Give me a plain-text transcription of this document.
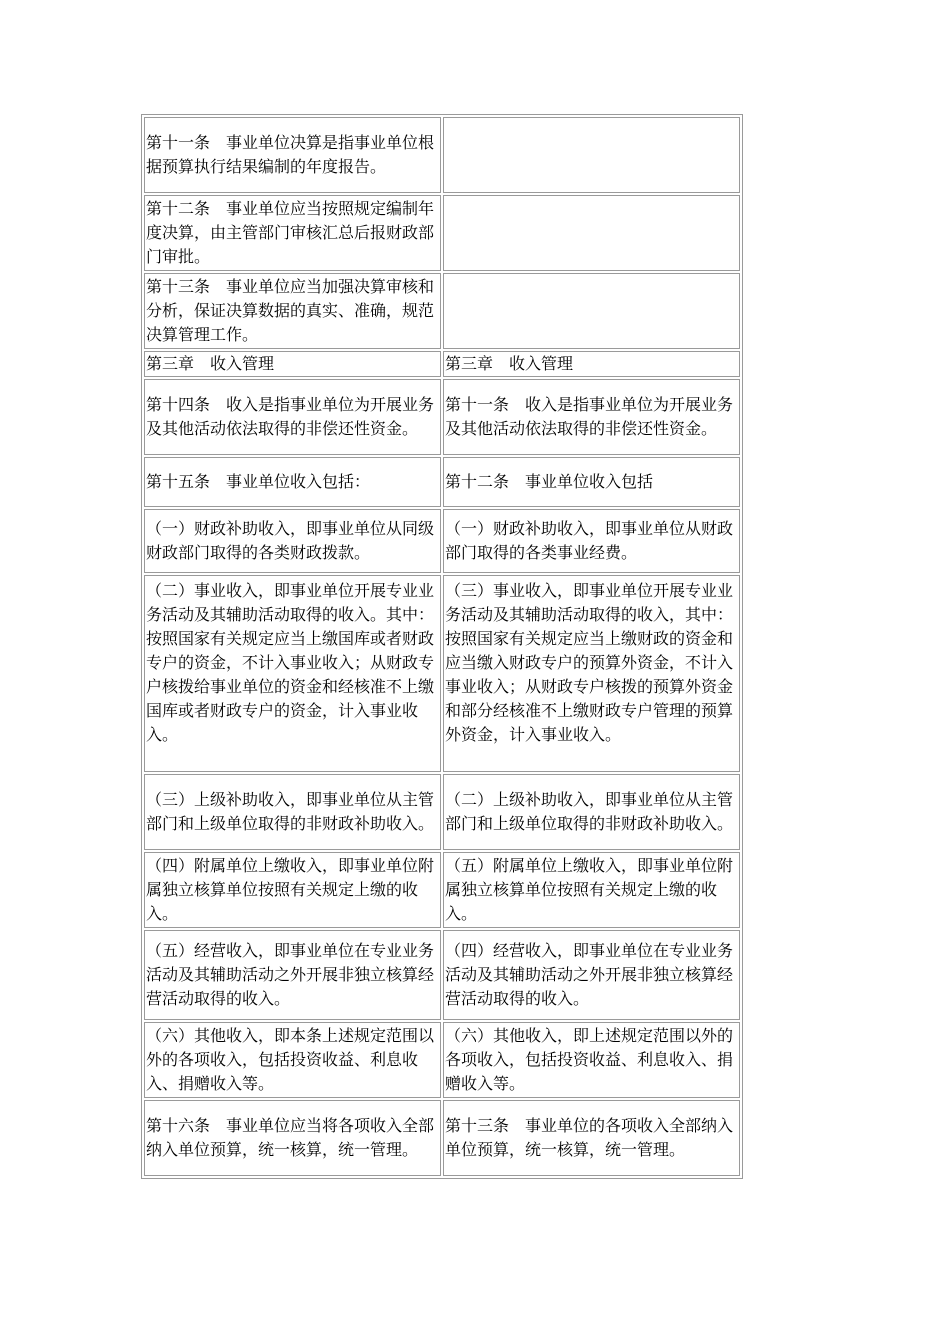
第十一条　事业单位决算是指事业单位根据预算执行结果编制的年度报告。	
第十二条　事业单位应当按照规定编制年度决算，由主管部门审核汇总后报财政部门审批。	
第十三条　事业单位应当加强决算审核和分析，保证决算数据的真实、准确，规范决算管理工作。	
第三章　收入管理	第三章　收入管理
第十四条　收入是指事业单位为开展业务及其他活动依法取得的非偿还性资金。	第十一条　收入是指事业单位为开展业务及其他活动依法取得的非偿还性资金。
第十五条　事业单位收入包括：	第十二条　事业单位收入包括
（一）财政补助收入，即事业单位从同级财政部门取得的各类财政拨款。	（一）财政补助收入，即事业单位从财政部门取得的各类事业经费。
（二）事业收入，即事业单位开展专业业务活动及其辅助活动取得的收入。其中：按照国家有关规定应当上缴国库或者财政专户的资金，不计入事业收入；从财政专户核拨给事业单位的资金和经核准不上缴国库或者财政专户的资金，计入事业收入。	（三）事业收入，即事业单位开展专业业务活动及其辅助活动取得的收入，其中：按照国家有关规定应当上缴财政的资金和应当缴入财政专户的预算外资金，不计入事业收入；从财政专户核拨的预算外资金和部分经核准不上缴财政专户管理的预算外资金，计入事业收入。
（三）上级补助收入，即事业单位从主管部门和上级单位取得的非财政补助收入。	（二）上级补助收入，即事业单位从主管部门和上级单位取得的非财政补助收入。
（四）附属单位上缴收入，即事业单位附属独立核算单位按照有关规定上缴的收入。	（五）附属单位上缴收入，即事业单位附属独立核算单位按照有关规定上缴的收入。
（五）经营收入，即事业单位在专业业务活动及其辅助活动之外开展非独立核算经营活动取得的收入。	（四）经营收入，即事业单位在专业业务活动及其辅助活动之外开展非独立核算经营活动取得的收入。
（六）其他收入，即本条上述规定范围以外的各项收入，包括投资收益、利息收入、捐赠收入等。	（六）其他收入，即上述规定范围以外的各项收入，包括投资收益、利息收入、捐赠收入等。
第十六条　事业单位应当将各项收入全部纳入单位预算，统一核算，统一管理。	第十三条　事业单位的各项收入全部纳入单位预算，统一核算，统一管理。
